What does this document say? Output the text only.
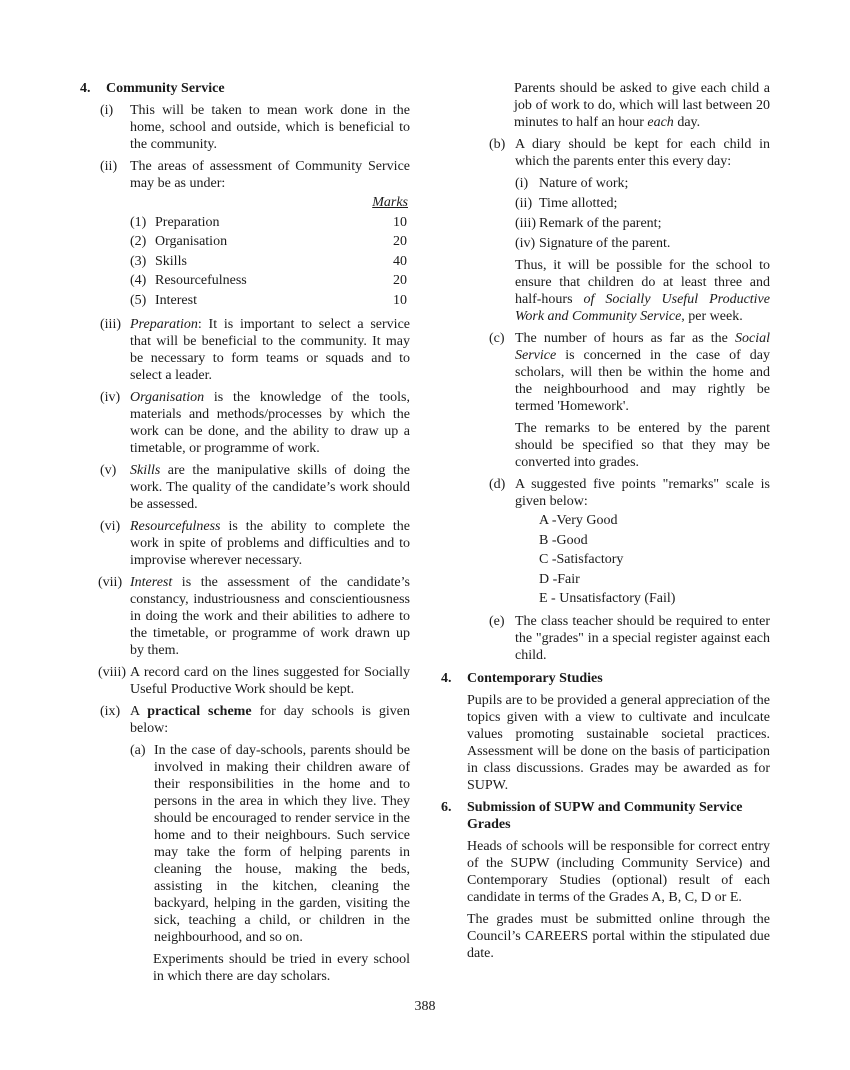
4. Community Service
(i) This will be taken to mean work done in the home, school and outside, which is beneficial to the community.
(ii) The areas of assessment of Community Service may be as under:
Marks
(1) Preparation	10
(2) Organisation	20
(3) Skills	40
(4) Resourcefulness	20
(5) Interest	10
(iii) Preparation: It is important to select a service that will be beneficial to the community. It may be necessary to form teams or squads and to select a leader.
(iv) Organisation is the knowledge of the tools, materials and methods/processes by which the work can be done, and the ability to draw up a timetable, or programme of work.
(v) Skills are the manipulative skills of doing the work. The quality of the candidate’s work should be assessed.
(vi) Resourcefulness is the ability to complete the work in spite of problems and difficulties and to improvise wherever necessary.
(vii) Interest is the assessment of the candidate’s constancy, industriousness and conscientiousness in doing the work and their abilities to adhere to the timetable, or programme of work drawn up by them.
(viii) A record card on the lines suggested for Socially Useful Productive Work should be kept.
(ix) A practical scheme for day schools is given below:
(a) In the case of day-schools, parents should be involved in making their children aware of their responsibilities in the home and to persons in the area in which they live. They should be encouraged to render service in the home and to their neighbours. Such service may take the form of helping parents in cleaning the house, making the beds, assisting in the kitchen, cleaning the backyard, helping in the garden, visiting the sick, teaching a child, or children in the neighbourhood, and so on.

Experiments should be tried in every school in which there are day scholars.

Parents should be asked to give each child a job of work to do, which will last between 20 minutes to half an hour each day.

(b) A diary should be kept for each child in which the parents enter this every day:
(i) Nature of work;
(ii) Time allotted;
(iii) Remark of the parent;
(iv) Signature of the parent.

Thus, it will be possible for the school to ensure that children do at least three and half-hours of Socially Useful Productive Work and Community Service, per week.

(c) The number of hours as far as the Social Service is concerned in the case of day scholars, will then be within the home and the neighbourhood and may rightly be termed 'Homework'.

The remarks to be entered by the parent should be specified so that they may be converted into grades.

(d) A suggested five points "remarks" scale is given below:
A -Very Good
B -Good
C -Satisfactory
D -Fair
E - Unsatisfactory (Fail)
(e) The class teacher should be required to enter the "grades" in a special register against each child.
4. Contemporary Studies

Pupils are to be provided a general appreciation of the topics given with a view to cultivate and inculcate values promoting sustainable societal practices. Assessment will be done on the basis of participation in class discussions. Grades may be awarded as for SUPW.

6. Submission of SUPW and Community Service Grades

Heads of schools will be responsible for correct entry of the SUPW (including Community Service) and Contemporary Studies (optional) result of each candidate in terms of the Grades A, B, C, D or E.

The grades must be submitted online through the Council’s CAREERS portal within the stipulated due date.

388
